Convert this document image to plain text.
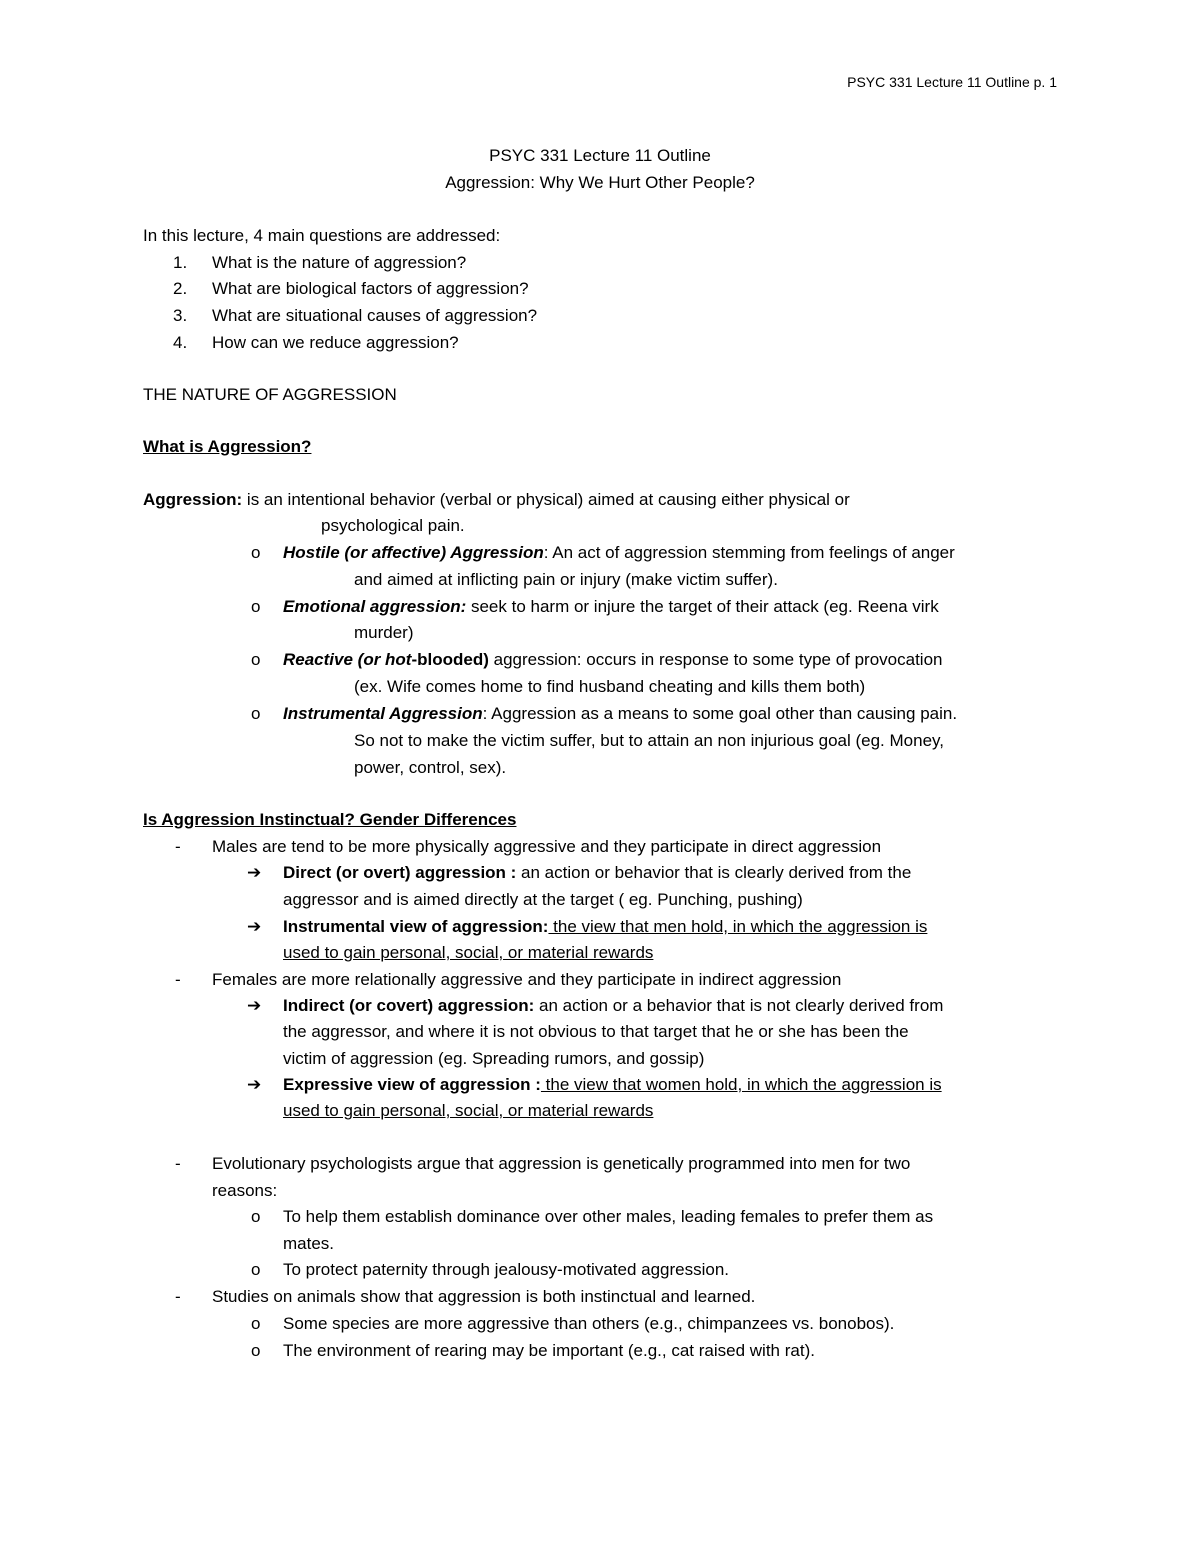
PSYC 331 Lecture 11 Outline p. 1
PSYC 331 Lecture 11 Outline
Aggression: Why We Hurt Other People?
In this lecture, 4 main questions are addressed:
1. What is the nature of aggression?
2. What are biological factors of aggression?
3. What are situational causes of aggression?
4. How can we reduce aggression?
THE NATURE OF AGGRESSION
What is Aggression?
Aggression: is an intentional behavior (verbal or physical) aimed at causing either physical or
psychological pain.
o Hostile (or affective) Aggression: An act of aggression stemming from feelings of anger
and aimed at inflicting pain or injury (make victim suffer).
o Emotional aggression: seek to harm or injure the target of their attack (eg. Reena virk
murder)
o Reactive (or hot-blooded) aggression: occurs in response to some type of provocation
(ex. Wife comes home to find husband cheating and kills them both)
o Instrumental Aggression: Aggression as a means to some goal other than causing pain.
So not to make the victim suffer, but to attain an non injurious goal (eg. Money,
power, control, sex).
Is Aggression Instinctual? Gender Differences
- Males are tend to be more physically aggressive and they participate in direct aggression
➔ Direct (or overt) aggression : an action or behavior that is clearly derived from the
aggressor and is aimed directly at the target ( eg. Punching, pushing)
➔ Instrumental view of aggression: the view that men hold, in which the aggression is
used to gain personal, social, or material rewards
- Females are more relationally aggressive and they participate in indirect aggression
➔ Indirect (or covert) aggression: an action or a behavior that is not clearly derived from
the aggressor, and where it is not obvious to that target that he or she has been the
victim of aggression (eg. Spreading rumors, and gossip)
➔ Expressive view of aggression : the view that women hold, in which the aggression is
used to gain personal, social, or material rewards
- Evolutionary psychologists argue that aggression is genetically programmed into men for two
reasons:
o To help them establish dominance over other males, leading females to prefer them as
mates.
o To protect paternity through jealousy-motivated aggression.
- Studies on animals show that aggression is both instinctual and learned.
o Some species are more aggressive than others (e.g., chimpanzees vs. bonobos).
o The environment of rearing may be important (e.g., cat raised with rat).
